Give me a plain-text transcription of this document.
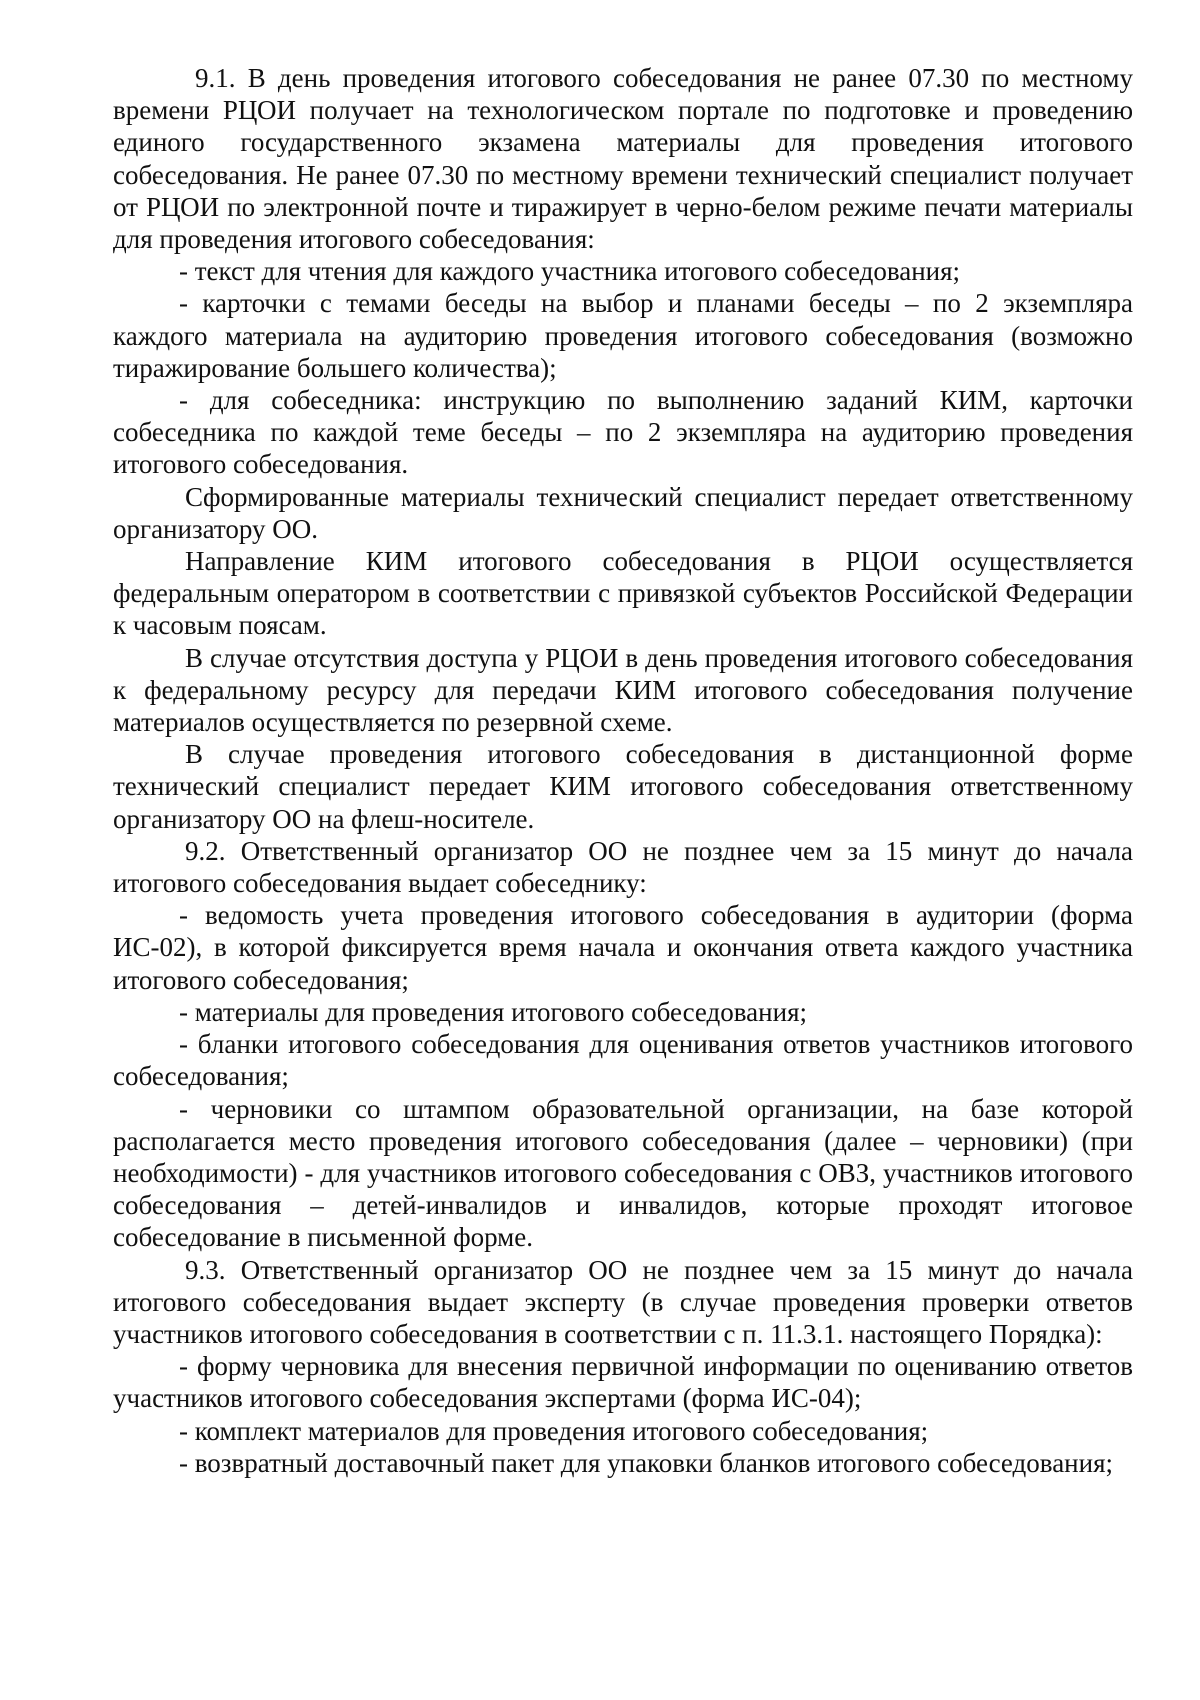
9.1. В день проведения итогового собеседования не ранее 07.30 по местному времени РЦОИ получает на технологическом портале по подготовке и проведению единого государственного экзамена материалы для проведения итогового собеседования. Не ранее 07.30 по местному времени технический специалист получает от РЦОИ по электронной почте и тиражирует в черно-белом режиме печати материалы для проведения итогового собеседования:

- текст для чтения для каждого участника итогового собеседования;

- карточки с темами беседы на выбор и планами беседы – по 2 экземпляра каждого материала на аудиторию проведения итогового собеседования (возможно тиражирование большего количества);

- для собеседника: инструкцию по выполнению заданий КИМ, карточки собеседника по каждой теме беседы – по 2 экземпляра на аудиторию проведения итогового собеседования.

Сформированные материалы технический специалист передает ответственному организатору ОО.

Направление КИМ итогового собеседования в РЦОИ осуществляется федеральным оператором в соответствии с привязкой субъектов Российской Федерации к часовым поясам.

В случае отсутствия доступа у РЦОИ в день проведения итогового собеседования к федеральному ресурсу для передачи КИМ итогового собеседования получение материалов осуществляется по резервной схеме.

В случае проведения итогового собеседования в дистанционной форме технический специалист передает КИМ итогового собеседования ответственному организатору ОО на флеш-носителе.

9.2. Ответственный организатор ОО не позднее чем за 15 минут до начала итогового собеседования выдает собеседнику:

- ведомость учета проведения итогового собеседования в аудитории (форма ИС-02), в которой фиксируется время начала и окончания ответа каждого участника итогового собеседования;

- материалы для проведения итогового собеседования;

- бланки итогового собеседования для оценивания ответов участников итогового собеседования;

- черновики со штампом образовательной организации, на базе которой располагается место проведения итогового собеседования (далее – черновики) (при необходимости) - для участников итогового собеседования с ОВЗ, участников итогового собеседования – детей-инвалидов и инвалидов, которые проходят итоговое собеседование в письменной форме.

9.3. Ответственный организатор ОО не позднее чем за 15 минут до начала итогового собеседования выдает эксперту (в случае проведения проверки ответов участников итогового собеседования в соответствии с п. 11.3.1. настоящего Порядка):

- форму черновика для внесения первичной информации по оцениванию ответов участников итогового собеседования экспертами (форма ИС-04);

- комплект материалов для проведения итогового собеседования;

- возвратный доставочный пакет для упаковки бланков итогового собеседования;
